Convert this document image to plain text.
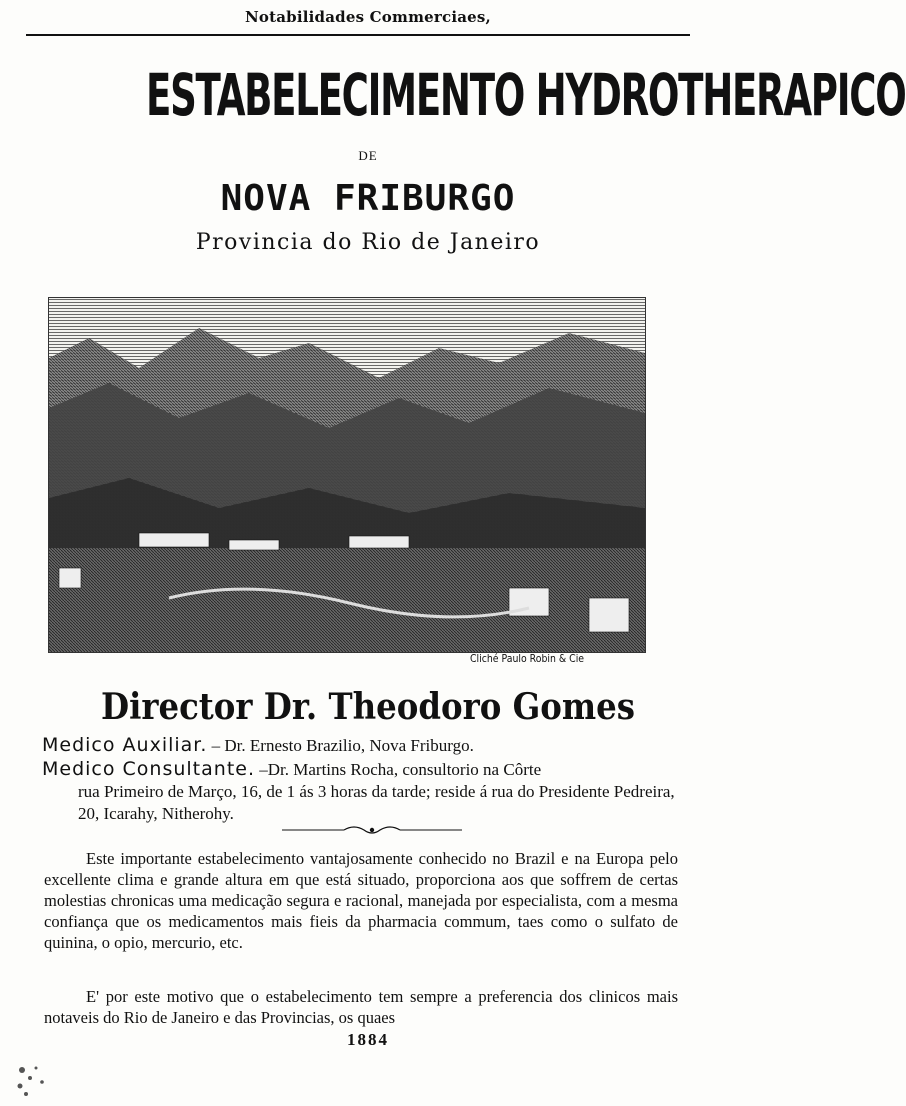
Notabilidades Commerciaes,
ESTABELECIMENTO HYDROTHERAPICO
DE
NOVA FRIBURGO
Provincia do Rio de Janeiro
Cliché Paulo Robin & Cie
Director Dr. Theodoro Gomes
Medico Auxiliar. – Dr. Ernesto Brazilio, Nova Friburgo.
Medico Consultante. –Dr. Martins Rocha, consultorio na Côrte
rua Primeiro de Março, 16, de 1 ás 3 horas da tarde; reside á rua do Presidente Pedreira, 20, Icarahy, Nitherohy.
Este importante estabelecimento vantajosamente conhecido no Brazil e na Europa pelo excellente clima e grande altura em que está situado, proporciona aos que soffrem de certas molestias chronicas uma medicação segura e racional, manejada por especialista, com a mesma confiança que os medicamentos mais fieis da pharmacia commum, taes como o sulfato de quinina, o opio, mercurio, etc.
E' por este motivo que o estabelecimento tem sempre a preferencia dos clinicos mais notaveis do Rio de Janeiro e das Provincias, os quaes
1884
